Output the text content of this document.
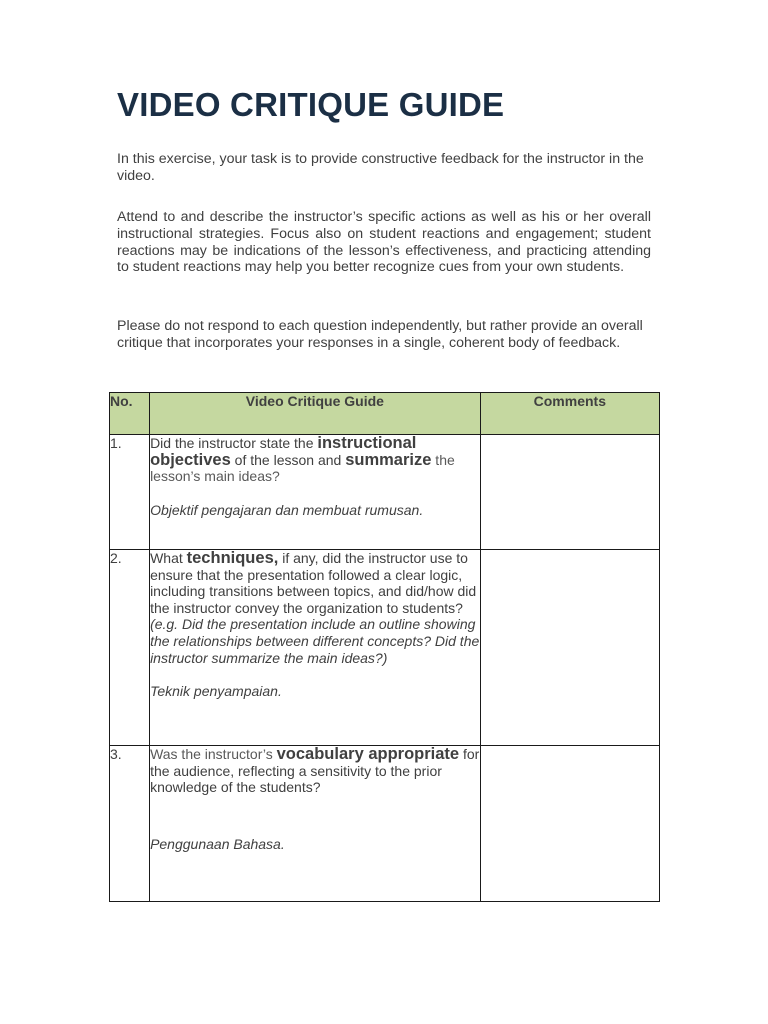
VIDEO CRITIQUE GUIDE

In this exercise, your task is to provide constructive feedback for the instructor in the video.

Attend to and describe the instructor’s specific actions as well as his or her overall instructional strategies. Focus also on student reactions and engagement; student reactions may be indications of the lesson’s effectiveness, and practicing attending to student reactions may help you better recognize cues from your own students.

Please do not respond to each question independently, but rather provide an overall critique that incorporates your responses in a single, coherent body of feedback.

No.	Video Critique Guide	Comments
1.	Did the instructor state the instructional objectives of the lesson and summarize the lesson’s main ideas?
Objektif pengajaran dan membuat rumusan.	

2.	What techniques, if any, did the instructor use to ensure that the presentation followed a clear logic, including transitions between topics, and did/how did the instructor convey the organization to students? (e.g. Did the presentation include an outline showing the relationships between different concepts? Did the instructor summarize the main ideas?)
Teknik penyampaian.	

3.	Was the instructor’s vocabulary appropriate for the audience, reflecting a sensitivity to the prior knowledge of the students?
Penggunaan Bahasa.	
